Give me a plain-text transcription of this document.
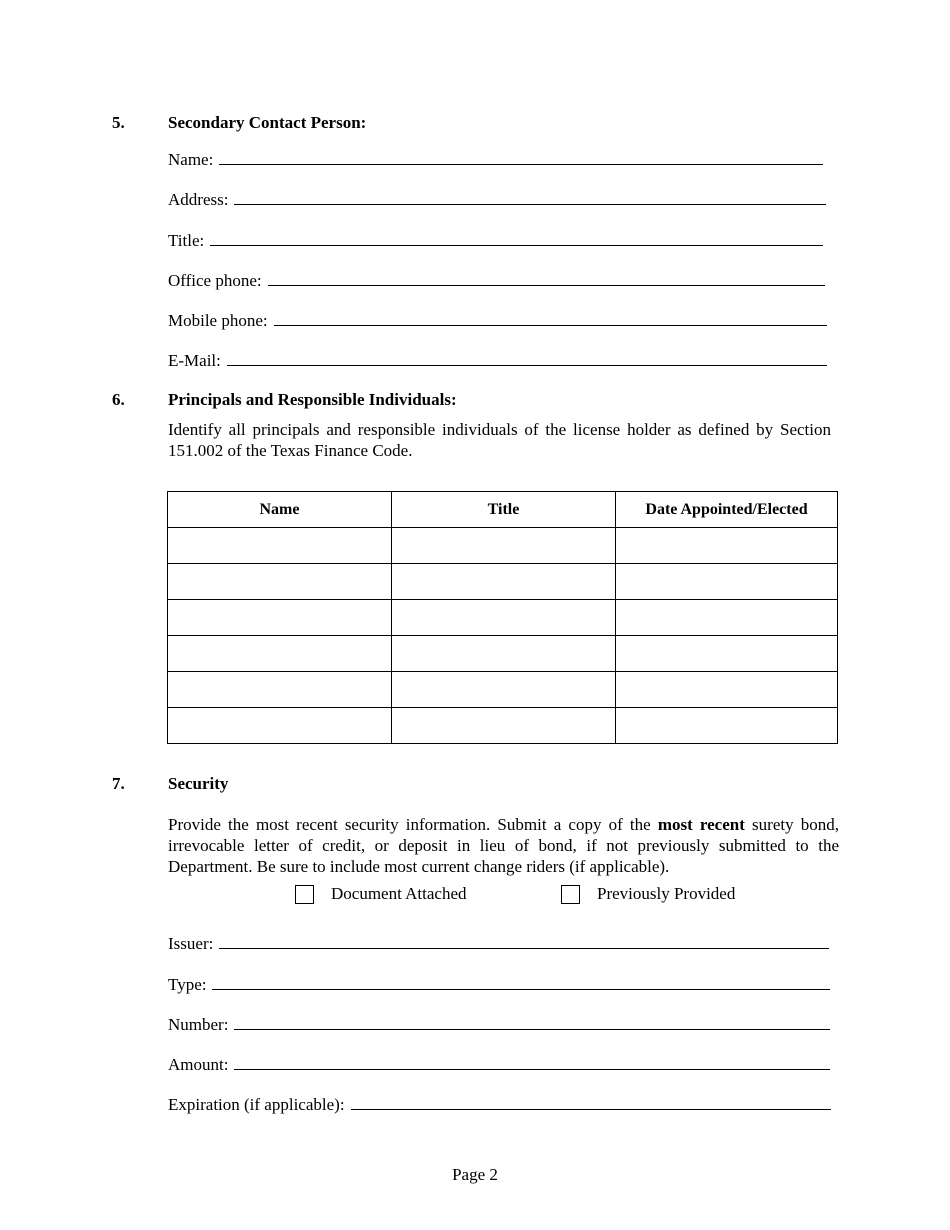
5.	Secondary Contact Person:
Name:
Address:
Title:
Office phone:
Mobile phone:
E-Mail:
6.	Principals and Responsible Individuals:
Identify all principals and responsible individuals of the license holder as defined by Section 151.002 of the Texas Finance Code.
Name	Title	Date Appointed/Elected

7.	Security
Provide the most recent security information. Submit a copy of the most recent surety bond, irrevocable letter of credit, or deposit in lieu of bond, if not previously submitted to the Department. Be sure to include most current change riders (if applicable).
Document Attached	Previously Provided
Issuer:
Type:
Number:
Amount:
Expiration (if applicable):
Page 2
